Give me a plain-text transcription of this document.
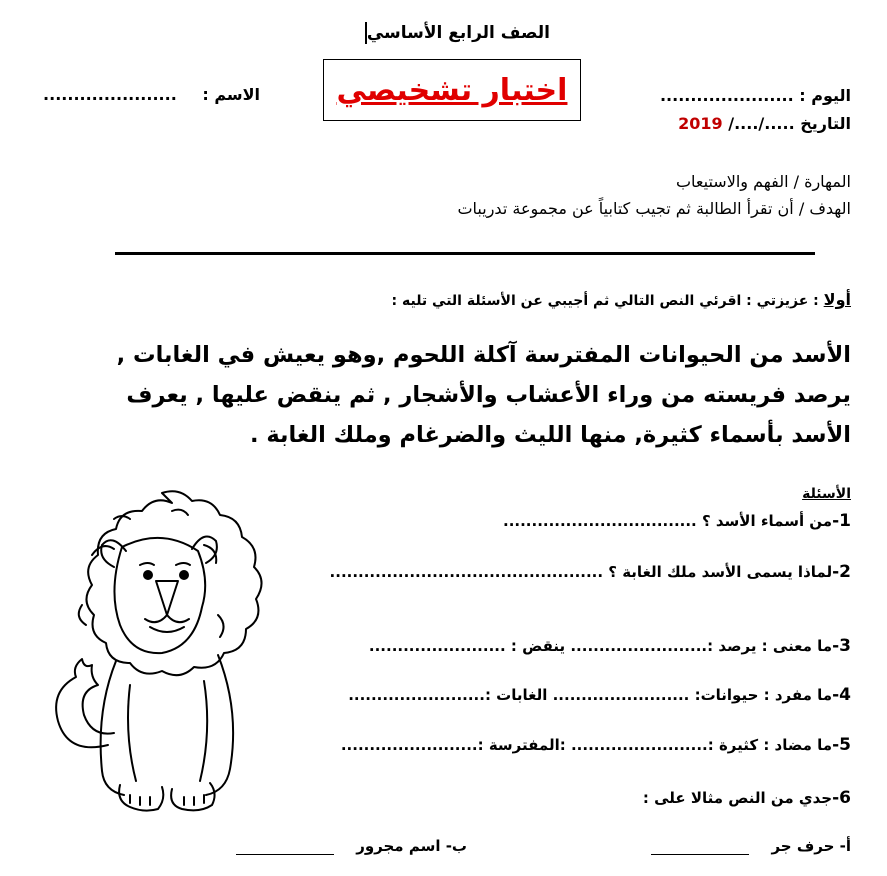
الصف الرابع الأساسي
اختبار تشخيصي
الاسم : ......................	اليوم : ......................
التاريخ .....‏/....‏/ 2019
المهارة / الفهم والاستيعاب
الهدف / أن تقرأ الطالبة ثم تجيب كتابياً عن مجموعة تدريبات
أولا : عزيزتي : اقرئي النص التالي ثم أجيبي عن الأسئلة التي تليه :
الأسد من الحيوانات المفترسة آكلة اللحوم ,وهو يعيش في الغابات , يرصد فريسته من وراء الأعشاب والأشجار , ثم ينقض عليها , يعرف الأسد بأسماء كثيرة, منها الليث والضرغام وملك الغابة .
الأسئلة
1-من أسماء الأسد ؟ ..................................
2-لماذا يسمى الأسد ملك الغابة ؟ ................................................
3-ما معنى : يرصد :........................ ينقض : ........................
4-ما مفرد : حيوانات: ........................ الغابات :........................
5-ما مضاد : كثيرة :........................ :المفترسة :........................
6-جدي من النص مثالا على :
أ- حرف جر
ب- اسم مجرور
